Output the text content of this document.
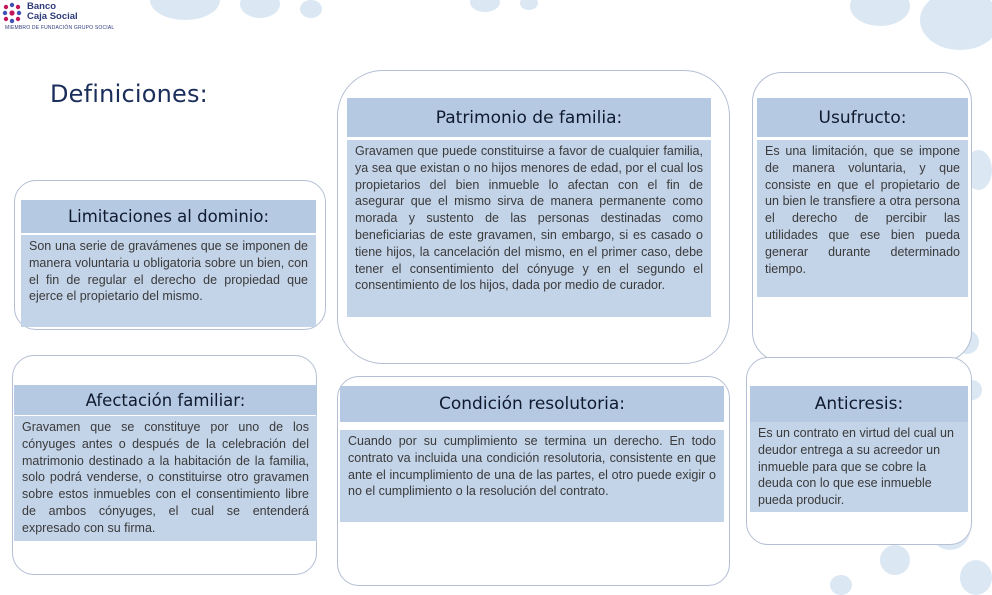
Banco
Caja Social
MIEMBRO DE FUNDACIÓN GRUPO SOCIAL
Definiciones:
Limitaciones al dominio:
Son una serie de gravámenes que se imponen de manera voluntaria u obligatoria sobre un bien, con el fin de regular el derecho de propiedad que ejerce el propietario del mismo.
Patrimonio de familia:
Gravamen que puede constituirse a favor de cualquier familia, ya sea que existan o no hijos menores de edad, por el cual los propietarios del bien inmueble lo afectan con el fin de asegurar que el mismo sirva de manera permanente como morada y sustento de las personas destinadas como beneficiarias de este gravamen, sin embargo, si es casado o tiene hijos, la cancelación del mismo, en el primer caso, debe tener el consentimiento del cónyuge y en el segundo el consentimiento de los hijos, dada por medio de curador.
Usufructo:
Es una limitación, que se impone de manera voluntaria, y que consiste en que el propietario de un bien le transfiere a otra persona el derecho de percibir las utilidades que ese bien pueda generar durante determinado tiempo.
Afectación familiar:
Gravamen que se constituye por uno de los cónyuges antes o después de la celebración del matrimonio destinado a la habitación de la familia, solo podrá venderse, o constituirse otro gravamen sobre estos inmuebles con el consentimiento libre de ambos cónyuges, el cual se entenderá expresado con su firma.
Condición resolutoria:
Cuando por su cumplimiento se termina un derecho. En todo contrato va incluida una condición resolutoria, consistente en que ante el incumplimiento de una de las partes, el otro puede exigir o no el cumplimiento o la resolución del contrato.
Anticresis:
Es un contrato en virtud del cual un deudor entrega a su acreedor un inmueble para que se cobre la deuda con lo que ese inmueble pueda producir.
